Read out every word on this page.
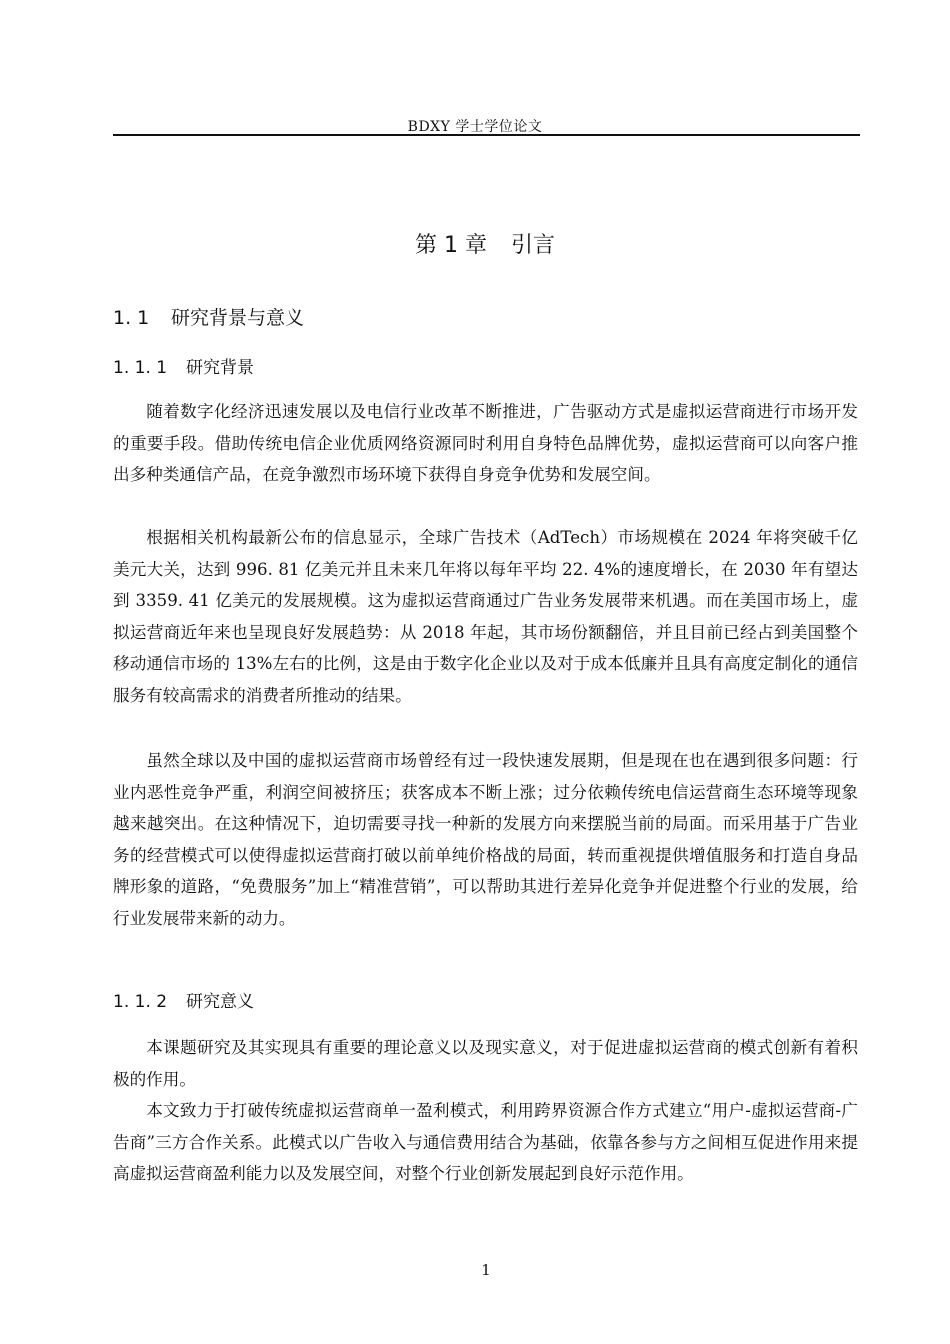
BDXY 学士学位论文
第 1 章 引言
1. 1 研究背景与意义
1. 1. 1 研究背景

随着数字化经济迅速发展以及电信行业改革不断推进，广告驱动方式是虚拟运营商进行市场开发的重要手段。借助传统电信企业优质网络资源同时利用自身特色品牌优势，虚拟运营商可以向客户推出多种类通信产品，在竞争激烈市场环境下获得自身竞争优势和发展空间。

根据相关机构最新公布的信息显示，全球广告技术（AdTech）市场规模在 2024 年将突破千亿美元大关，达到 996. 81 亿美元并且未来几年将以每年平均 22. 4%的速度增长，在 2030 年有望达到 3359. 41 亿美元的发展规模。这为虚拟运营商通过广告业务发展带来机遇。而在美国市场上，虚拟运营商近年来也呈现良好发展趋势：从 2018 年起，其市场份额翻倍，并且目前已经占到美国整个移动通信市场的 13%左右的比例，这是由于数字化企业以及对于成本低廉并且具有高度定制化的通信服务有较高需求的消费者所推动的结果。

虽然全球以及中国的虚拟运营商市场曾经有过一段快速发展期，但是现在也在遇到很多问题：行业内恶性竞争严重，利润空间被挤压；获客成本不断上涨；过分依赖传统电信运营商生态环境等现象越来越突出。在这种情况下，迫切需要寻找一种新的发展方向来摆脱当前的局面。而采用基于广告业务的经营模式可以使得虚拟运营商打破以前单纯价格战的局面，转而重视提供增值服务和打造自身品牌形象的道路，“免费服务”加上“精准营销”，可以帮助其进行差异化竞争并促进整个行业的发展，给行业发展带来新的动力。

1. 1. 2 研究意义

本课题研究及其实现具有重要的理论意义以及现实意义，对于促进虚拟运营商的模式创新有着积极的作用。

本文致力于打破传统虚拟运营商单一盈利模式，利用跨界资源合作方式建立“用户-虚拟运营商-广告商”三方合作关系。此模式以广告收入与通信费用结合为基础，依靠各参与方之间相互促进作用来提高虚拟运营商盈利能力以及发展空间，对整个行业创新发展起到良好示范作用。

1
